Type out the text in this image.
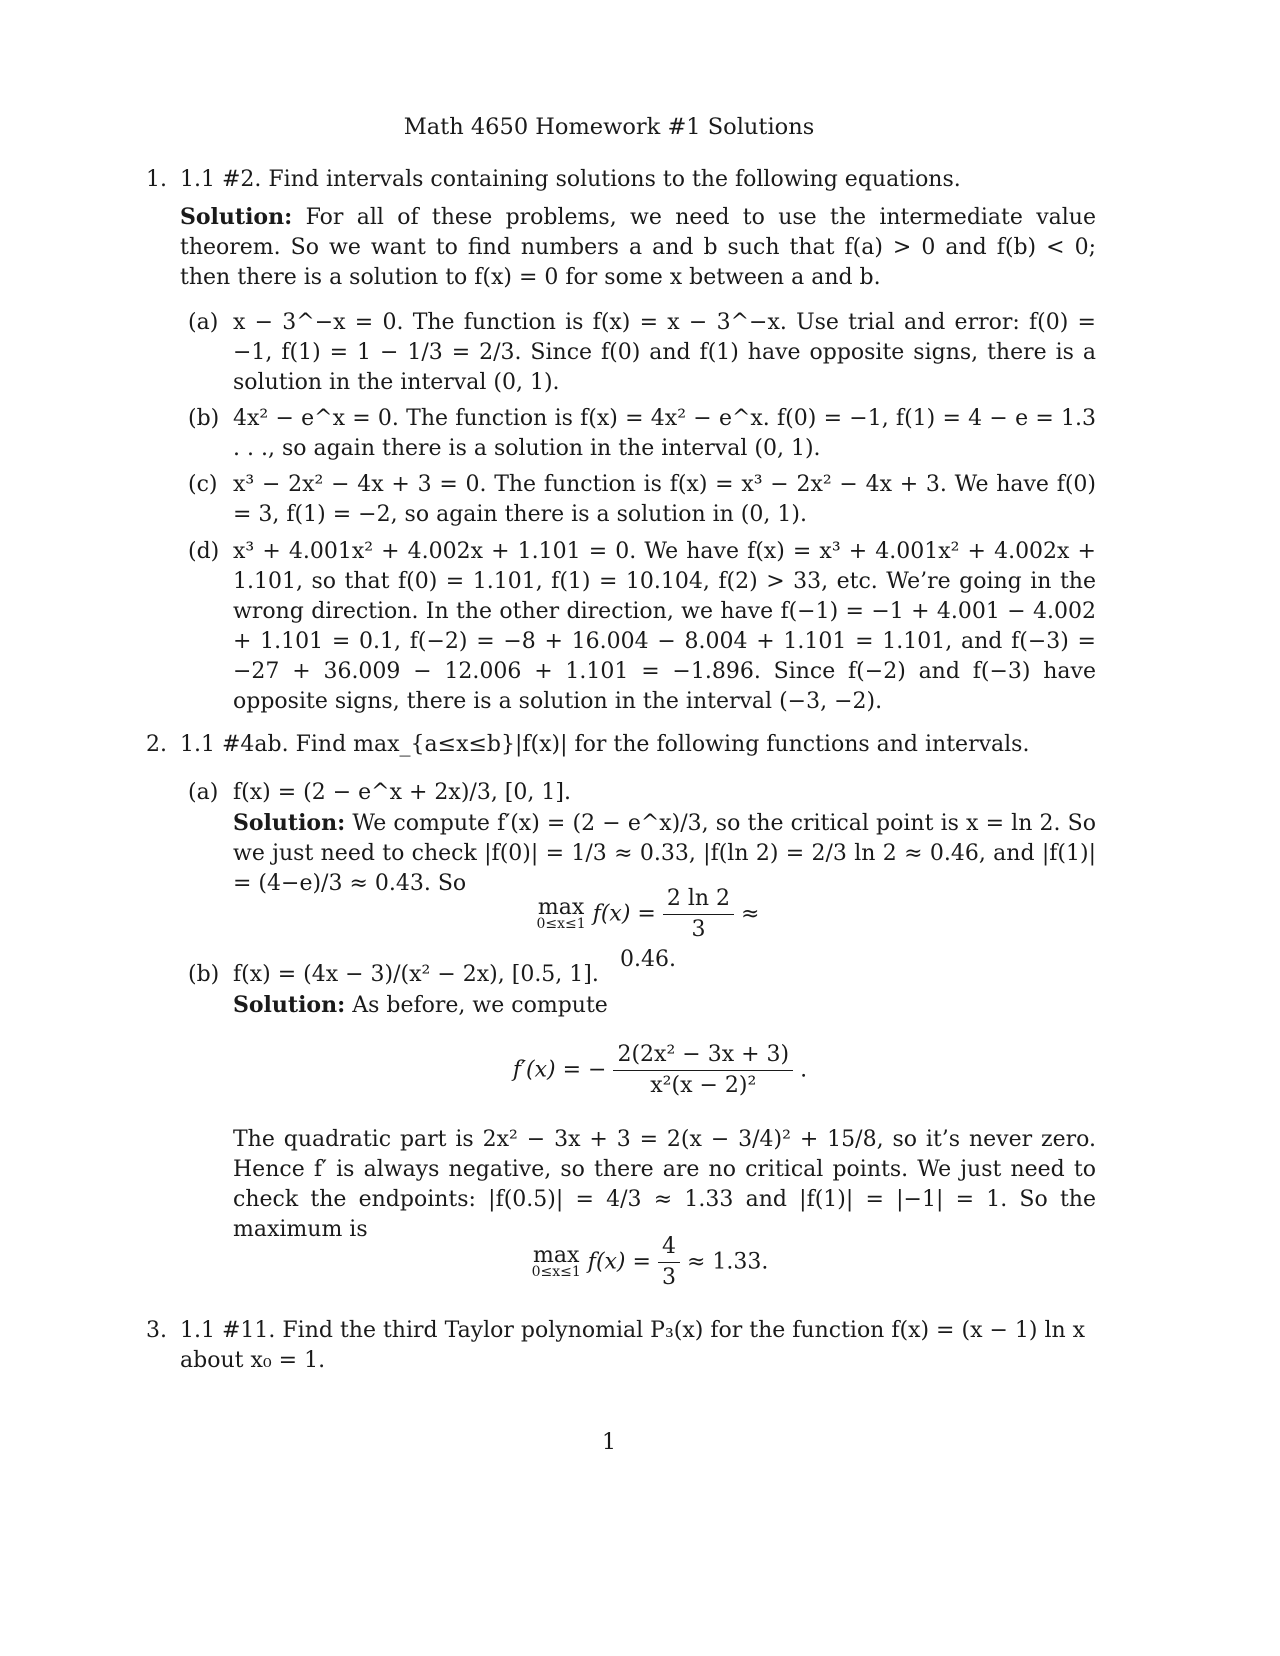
Math 4650 Homework #1 Solutions
1. 1.1 #2. Find intervals containing solutions to the following equations.
Solution: For all of these problems, we need to use the intermediate value theorem. So we want to find numbers a and b such that f(a) > 0 and f(b) < 0; then there is a solution to f(x) = 0 for some x between a and b.
(a) x − 3^−x = 0. The function is f(x) = x − 3^−x. Use trial and error: f(0) = −1, f(1) = 1 − 1/3 = 2/3. Since f(0) and f(1) have opposite signs, there is a solution in the interval (0, 1).
(b) 4x² − e^x = 0. The function is f(x) = 4x² − e^x. f(0) = −1, f(1) = 4 − e = 1.3 . . ., so again there is a solution in the interval (0, 1).
(c) x³ − 2x² − 4x + 3 = 0. The function is f(x) = x³ − 2x² − 4x + 3. We have f(0) = 3, f(1) = −2, so again there is a solution in (0, 1).
(d) x³ + 4.001x² + 4.002x + 1.101 = 0. We have f(x) = x³ + 4.001x² + 4.002x + 1.101, so that f(0) = 1.101, f(1) = 10.104, f(2) > 33, etc. We’re going in the wrong direction. In the other direction, we have f(−1) = −1 + 4.001 − 4.002 + 1.101 = 0.1, f(−2) = −8 + 16.004 − 8.004 + 1.101 = 1.101, and f(−3) = −27 + 36.009 − 12.006 + 1.101 = −1.896. Since f(−2) and f(−3) have opposite signs, there is a solution in the interval (−3, −2).
2. 1.1 #4ab. Find max_{a≤x≤b}|f(x)| for the following functions and intervals.
(a) f(x) = (2 − e^x + 2x)/3, [0, 1].
Solution: We compute f′(x) = (2 − e^x)/3, so the critical point is x = ln 2. So we just need to check |f(0)| = 1/3 ≈ 0.33, |f(ln 2) = 2/3 ln 2 ≈ 0.46, and |f(1)| = (4−e)/3 ≈ 0.43. So
max
0≤x≤1 $f(x) = \frac{2 \ln 2}{3} \approx 0.46$.
(b) f(x) = (4x − 3)/(x² − 2x), [0.5, 1].
Solution: As before, we compute
f′(x) = − $\frac{\text{2(2x² − 3x + 3)}}{\text{x²(x − 2)²}}$ .
The quadratic part is 2x² − 3x + 3 = 2(x − 3/4)² + 15/8, so it’s never zero. Hence f′ is always negative, so there are no critical points. We just need to check the endpoints: |f(0.5)| = 4/3 ≈ 1.33 and |f(1)| = |−1| = 1. So the maximum is
max
0≤x≤1 $f(x) = \frac{4}{3} \approx 1.33$.
3. 1.1 #11. Find the third Taylor polynomial P₃(x) for the function f(x) = (x − 1) ln x about x₀ = 1.
1
